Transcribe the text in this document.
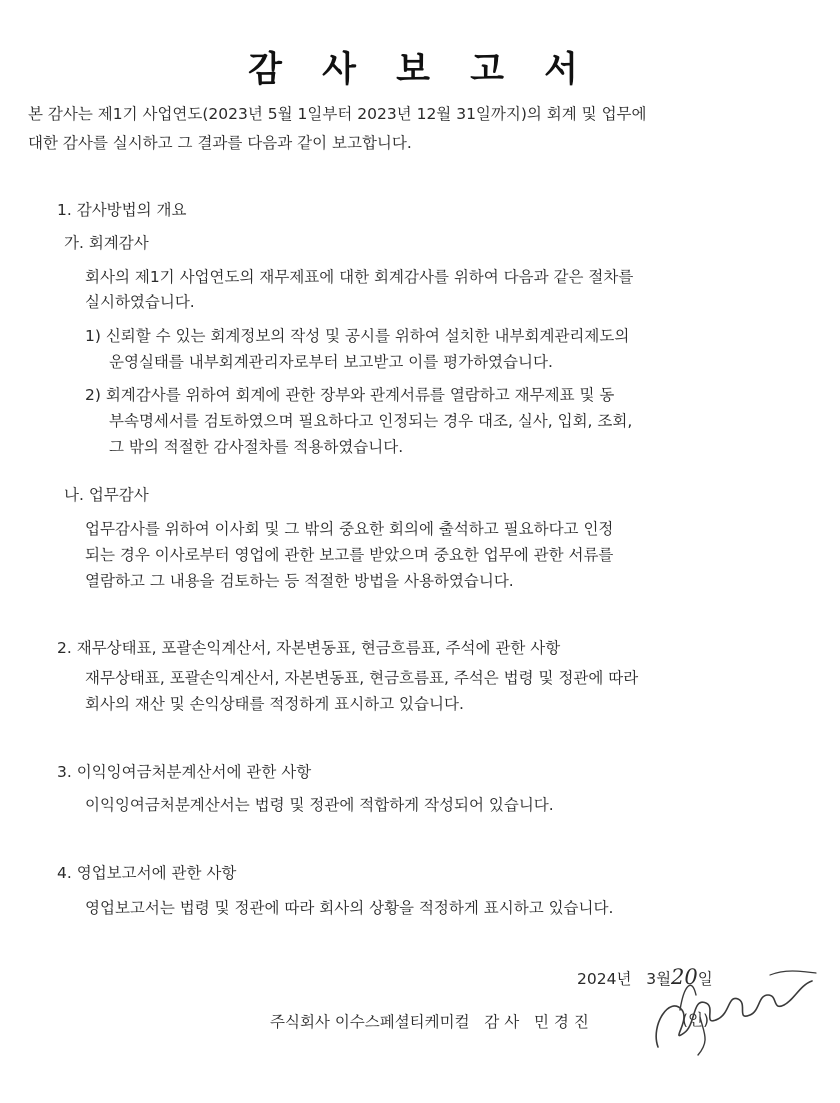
감 사 보 고 서
본 감사는 제1기 사업연도(2023년 5월 1일부터 2023년 12월 31일까지)의 회계 및 업무에
대한 감사를 실시하고 그 결과를 다음과 같이 보고합니다.
1. 감사방법의 개요
가. 회계감사
회사의 제1기 사업연도의 재무제표에 대한 회계감사를 위하여 다음과 같은 절차를
실시하였습니다.
1) 신뢰할 수 있는 회계정보의 작성 및 공시를 위하여 설치한 내부회계관리제도의
운영실태를 내부회계관리자로부터 보고받고 이를 평가하였습니다.
2) 회계감사를 위하여 회계에 관한 장부와 관계서류를 열람하고 재무제표 및 동
부속명세서를 검토하였으며 필요하다고 인정되는 경우 대조, 실사, 입회, 조회,
그 밖의 적절한 감사절차를 적용하였습니다.
나. 업무감사
업무감사를 위하여 이사회 및 그 밖의 중요한 회의에 출석하고 필요하다고 인정
되는 경우 이사로부터 영업에 관한 보고를 받았으며 중요한 업무에 관한 서류를
열람하고 그 내용을 검토하는 등 적절한 방법을 사용하였습니다.
2. 재무상태표, 포괄손익계산서, 자본변동표, 현금흐름표, 주석에 관한 사항
재무상태표, 포괄손익계산서, 자본변동표, 현금흐름표, 주석은 법령 및 정관에 따라
회사의 재산 및 손익상태를 적정하게 표시하고 있습니다.
3. 이익잉여금처분계산서에 관한 사항
이익잉여금처분계산서는 법령 및 정관에 적합하게 작성되어 있습니다.
4. 영업보고서에 관한 사항
영업보고서는 법령 및 정관에 따라 회사의 상황을 적정하게 표시하고 있습니다.
2024년 3월20일
주식회사 이수스페셜티케미컬 감 사 민 경 진	(인)
